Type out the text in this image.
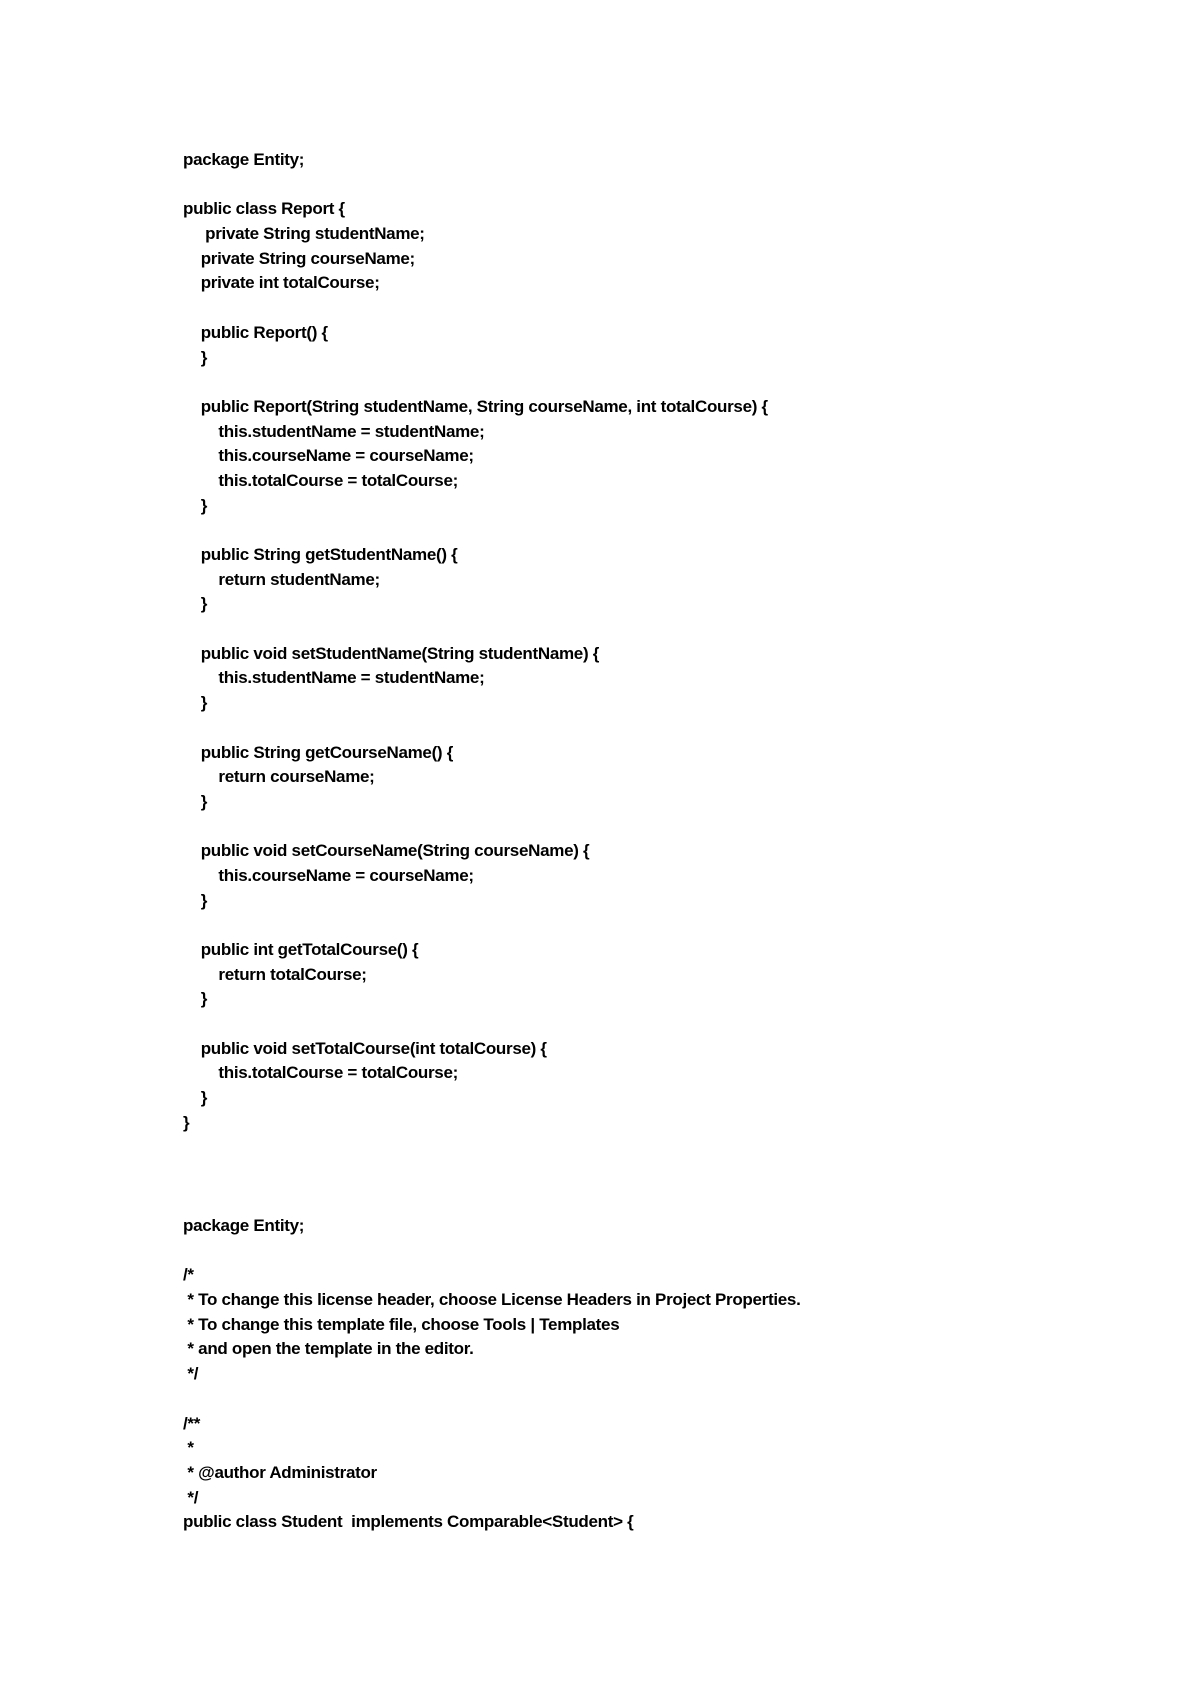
package Entity;
public class Report {
private String studentName;
private String courseName;
private int totalCourse;
public Report() {
}
public Report(String studentName, String courseName, int totalCourse) {
this.studentName = studentName;
this.courseName = courseName;
this.totalCourse = totalCourse;
}
public String getStudentName() {
return studentName;
}
public void setStudentName(String studentName) {
this.studentName = studentName;
}
public String getCourseName() {
return courseName;
}
public void setCourseName(String courseName) {
this.courseName = courseName;
}
public int getTotalCourse() {
return totalCourse;
}
public void setTotalCourse(int totalCourse) {
this.totalCourse = totalCourse;
}
}
package Entity;
/*
* To change this license header, choose License Headers in Project Properties.
* To change this template file, choose Tools | Templates
* and open the template in the editor.
*/
/**
*
* @author Administrator
*/
public class Student  implements Comparable<Student> {
